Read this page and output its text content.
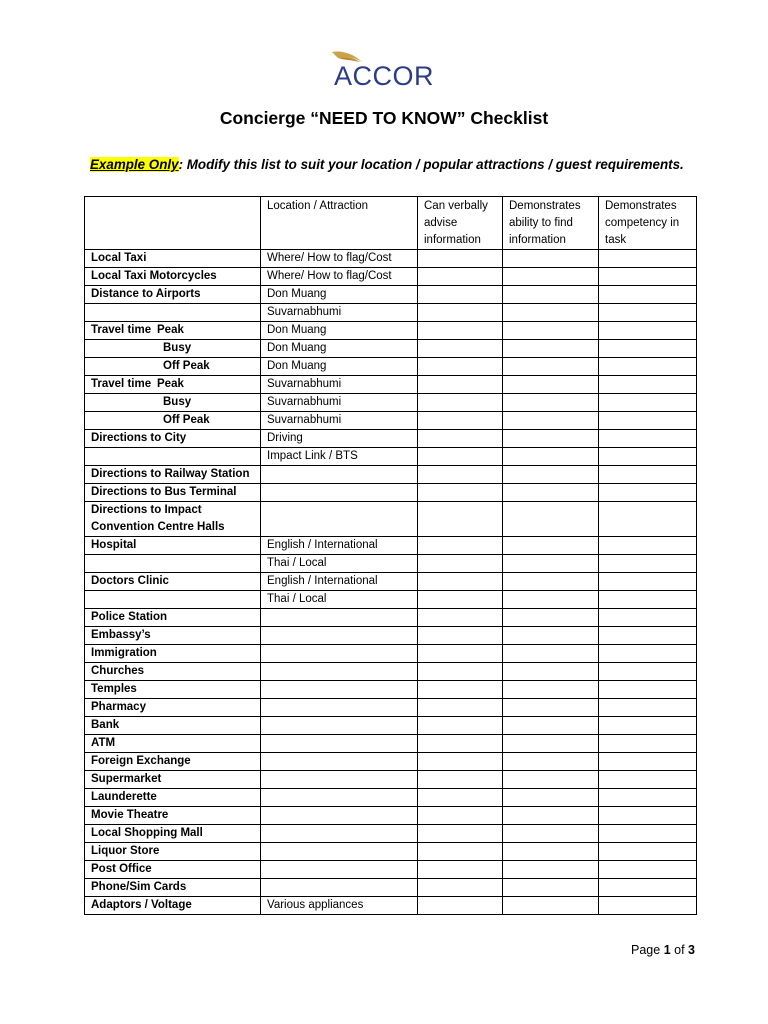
ACCOR
Concierge “NEED TO KNOW” Checklist
Example Only: Modify this list to suit your location / popular attractions / guest requirements.
	Location / Attraction	Can verbally advise information	Demonstrates ability to find information	Demonstrates competency in task
Local Taxi	Where/ How to flag/Cost			
Local Taxi Motorcycles	Where/ How to flag/Cost			
Distance to Airports	Don Muang			
	Suvarnabhumi			
Travel time Peak	Don Muang			
Busy	Don Muang			
Off Peak	Don Muang			
Travel time Peak	Suvarnabhumi			
Busy	Suvarnabhumi			
Off Peak	Suvarnabhumi			
Directions to City	Driving			
	Impact Link / BTS			
Directions to Railway Station				
Directions to Bus Terminal				
Directions to Impact Convention Centre Halls				
Hospital	English / International			
	Thai / Local			
Doctors Clinic	English / International			
	Thai / Local			
Police Station				
Embassy’s				
Immigration				
Churches				
Temples				
Pharmacy				
Bank				
ATM				
Foreign Exchange				
Supermarket				
Launderette				
Movie Theatre				
Local Shopping Mall				
Liquor Store				
Post Office				
Phone/Sim Cards				
Adaptors / Voltage	Various appliances			
Page 1 of 3
